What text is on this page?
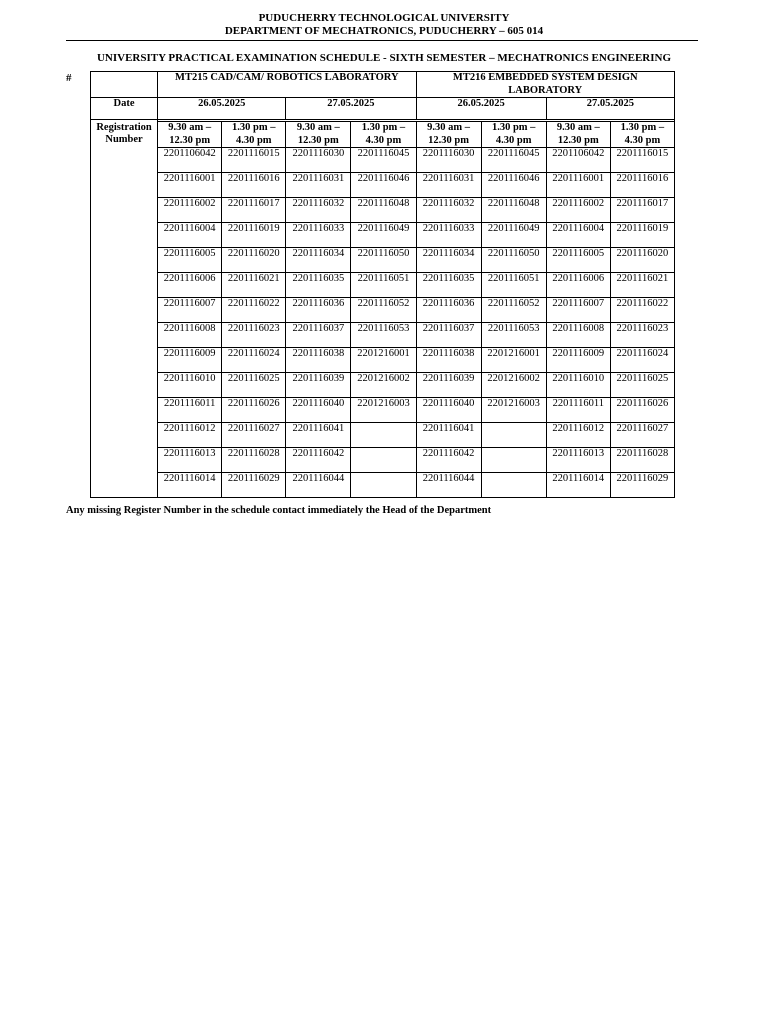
PUDUCHERRY TECHNOLOGICAL UNIVERSITY
DEPARTMENT OF MECHATRONICS, PUDUCHERRY – 605 014
UNIVERSITY PRACTICAL EXAMINATION SCHEDULE - SIXTH SEMESTER – MECHATRONICS ENGINEERING
#
		MT215 CAD/CAM/ ROBOTICS LABORATORY				MT216 EMBEDDED SYSTEM DESIGN LABORATORY			
Date	26.05.2025		27.05.2025		26.05.2025		27.05.2025	

Registration Number	9.30 am – 12.30 pm	1.30 pm – 4.30 pm	9.30 am – 12.30 pm	1.30 pm – 4.30 pm	9.30 am – 12.30 pm	1.30 pm – 4.30 pm	9.30 am – 12.30 pm	1.30 pm – 4.30 pm
	2201106042	2201116015	2201116030	2201116045	2201116030	2201116045	2201106042	2201116015
	2201116001	2201116016	2201116031	2201116046	2201116031	2201116046	2201116001	2201116016
	2201116002	2201116017	2201116032	2201116048	2201116032	2201116048	2201116002	2201116017
	2201116004	2201116019	2201116033	2201116049	2201116033	2201116049	2201116004	2201116019
	2201116005	2201116020	2201116034	2201116050	2201116034	2201116050	2201116005	2201116020
	2201116006	2201116021	2201116035	2201116051	2201116035	2201116051	2201116006	2201116021
	2201116007	2201116022	2201116036	2201116052	2201116036	2201116052	2201116007	2201116022
	2201116008	2201116023	2201116037	2201116053	2201116037	2201116053	2201116008	2201116023
	2201116009	2201116024	2201116038	2201216001	2201116038	2201216001	2201116009	2201116024
	2201116010	2201116025	2201116039	2201216002	2201116039	2201216002	2201116010	2201116025
	2201116011	2201116026	2201116040	2201216003	2201116040	2201216003	2201116011	2201116026
	2201116012	2201116027	2201116041		2201116041		2201116012	2201116027
	2201116013	2201116028	2201116042		2201116042		2201116013	2201116028
	2201116014	2201116029	2201116044		2201116044		2201116014	2201116029
Any missing Register Number in the schedule contact immediately the Head of the Department
